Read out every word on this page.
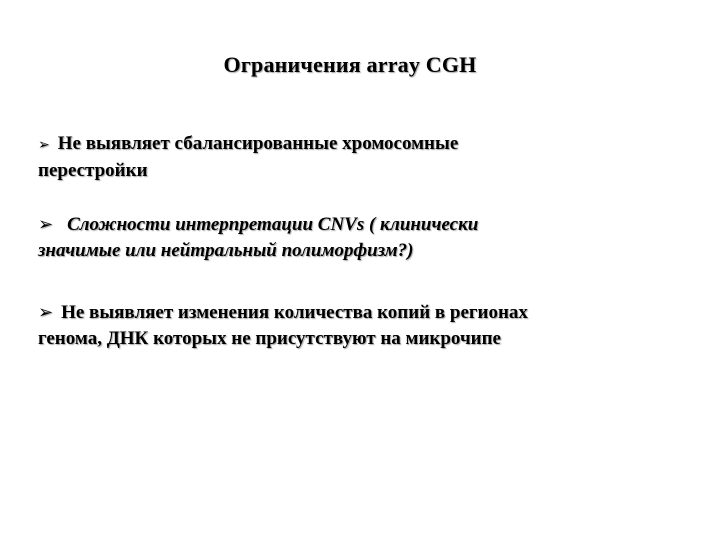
Ограничения array CGH
➢ Не выявляет сбалансированные хромосомные
перестройки
➢ Сложности интерпретации CNVs ( клинически
значимые или нейтральный полиморфизм?)
➢ Не выявляет изменения количества копий в регионах
генома, ДНК которых не присутствуют на микрочипе
